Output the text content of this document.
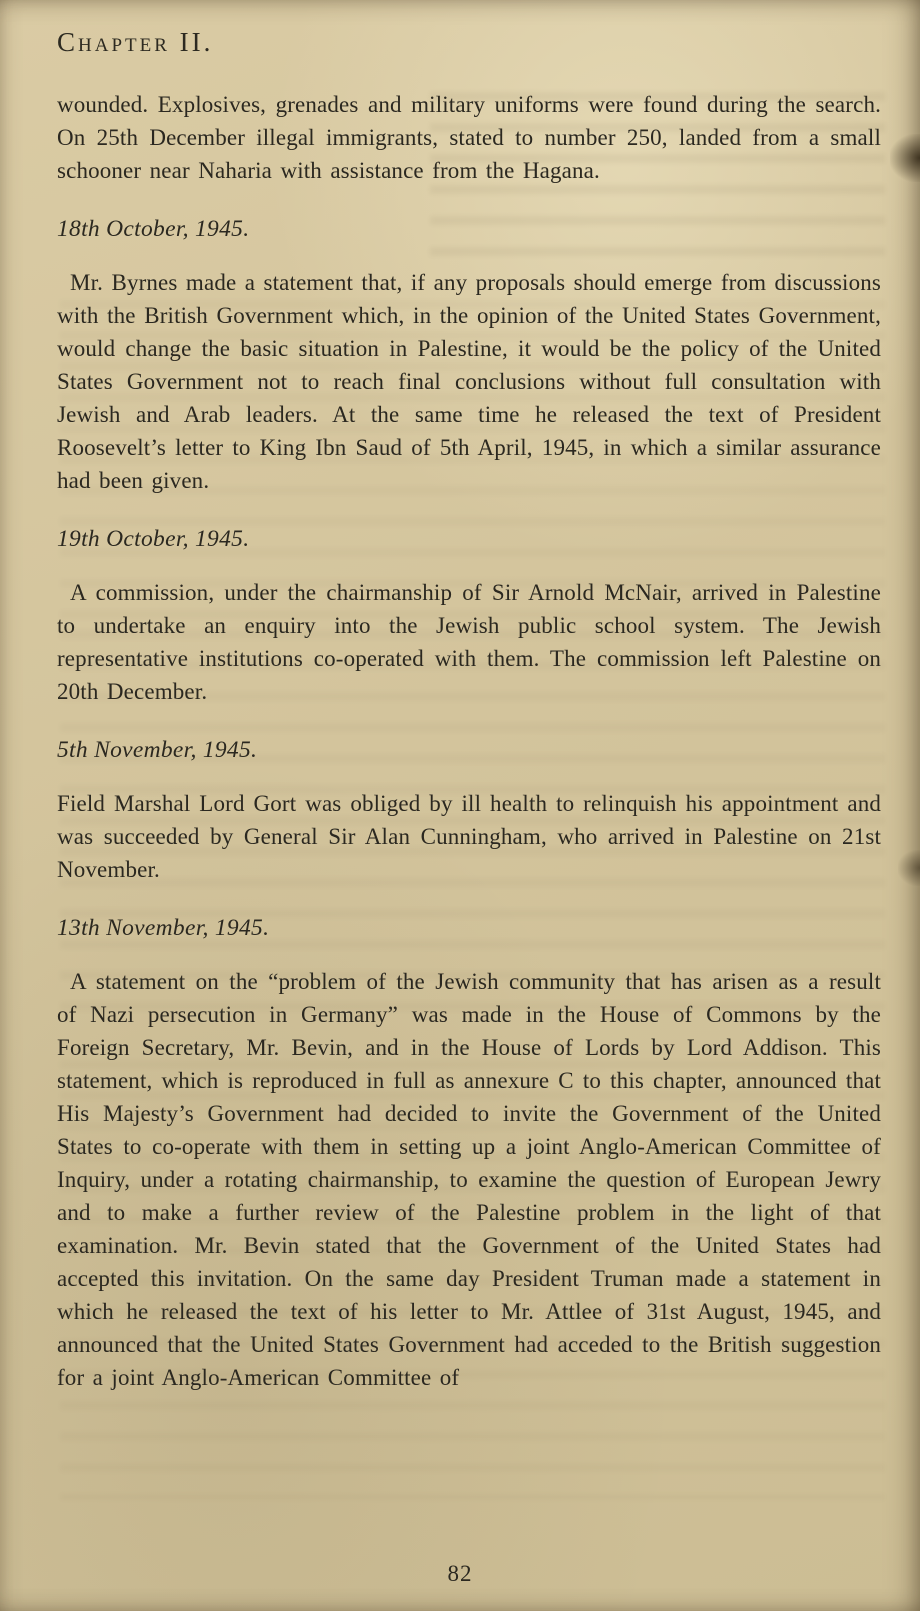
Chapter II.

wounded. Explosives, grenades and military uniforms were found during the search. On 25th December illegal immigrants, stated to number 250, landed from a small schooner near Naharia with assistance from the Hagana.

18th October, 1945.

Mr. Byrnes made a statement that, if any proposals should emerge from discussions with the British Government which, in the opinion of the United States Government, would change the basic situation in Palestine, it would be the policy of the United States Government not to reach final conclusions without full consultation with Jewish and Arab leaders. At the same time he released the text of President Roosevelt’s letter to King Ibn Saud of 5th April, 1945, in which a similar assurance had been given.

19th October, 1945.

A commission, under the chairmanship of Sir Arnold McNair, arrived in Palestine to undertake an enquiry into the Jewish public school system. The Jewish representative institutions co-operated with them. The commission left Palestine on 20th December.

5th November, 1945.

Field Marshal Lord Gort was obliged by ill health to relinquish his appointment and was succeeded by General Sir Alan Cunningham, who arrived in Palestine on 21st November.

13th November, 1945.

A statement on the “problem of the Jewish community that has arisen as a result of Nazi persecution in Germany” was made in the House of Commons by the Foreign Secretary, Mr. Bevin, and in the House of Lords by Lord Addison. This statement, which is reproduced in full as annexure C to this chapter, announced that His Majesty’s Government had decided to invite the Government of the United States to co-operate with them in setting up a joint Anglo-American Committee of Inquiry, under a rotating chairmanship, to examine the question of European Jewry and to make a further review of the Palestine problem in the light of that examination. Mr. Bevin stated that the Government of the United States had accepted this invitation. On the same day President Truman made a statement in which he released the text of his letter to Mr. Attlee of 31st August, 1945, and announced that the United States Government had acceded to the British suggestion for a joint Anglo-American Committee of

82
